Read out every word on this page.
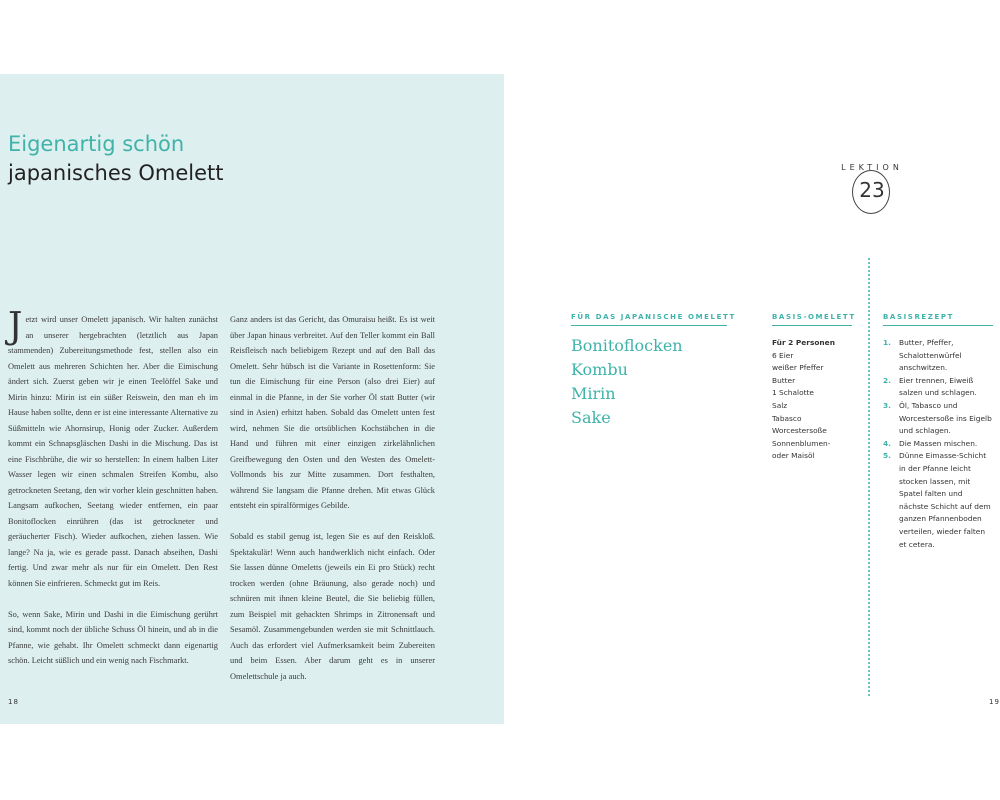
Eigenartig schön
japanisches Omelett

Jetzt wird unser Omelett japanisch. Wir halten zunächst an unserer hergebrachten (letztlich aus Japan stammenden) Zubereitungsmethode fest, stellen also ein Omelett aus mehreren Schichten her. Aber die Eimischung ändert sich. Zuerst geben wir je einen Teelöffel Sake und Mirin hinzu: Mirin ist ein süßer Reiswein, den man eh im Hause haben sollte, denn er ist eine interessante Alternative zu Süßmitteln wie Ahornsirup, Honig oder Zucker. Außerdem kommt ein Schnapsgläschen Dashi in die Mischung. Das ist eine Fischbrühe, die wir so herstellen: In einem halben Liter Wasser legen wir einen schmalen Streifen Kombu, also getrockneten Seetang, den wir vorher klein geschnitten haben. Langsam aufkochen, Seetang wieder entfernen, ein paar Bonitoflocken einrühren (das ist getrockneter und geräucherter Fisch). Wieder aufkochen, ziehen lassen. Wie lange? Na ja, wie es gerade passt. Danach abseihen, Dashi fertig. Und zwar mehr als nur für ein Omelett. Den Rest können Sie einfrieren. Schmeckt gut im Reis.

So, wenn Sake, Mirin und Dashi in die Eimischung gerührt sind, kommt noch der übliche Schuss Öl hinein, und ab in die Pfanne, wie gehabt. Ihr Omelett schmeckt dann eigenartig schön. Leicht süßlich und ein wenig nach Fischmarkt.

Ganz anders ist das Gericht, das Omuraisu heißt. Es ist weit über Japan hinaus verbreitet. Auf den Teller kommt ein Ball Reisfleisch nach beliebigem Rezept und auf den Ball das Omelett. Sehr hübsch ist die Variante in Rosettenform: Sie tun die Eimischung für eine Person (also drei Eier) auf einmal in die Pfanne, in der Sie vorher Öl statt Butter (wir sind in Asien) erhitzt haben. Sobald das Omelett unten fest wird, nehmen Sie die ortsüblichen Kochstäbchen in die Hand und führen mit einer einzigen zirkelähnlichen Greifbewegung den Osten und den Westen des Omelett-Vollmonds bis zur Mitte zusammen. Dort festhalten, während Sie langsam die Pfanne drehen. Mit etwas Glück entsteht ein spiralförmiges Gebilde.

Sobald es stabil genug ist, legen Sie es auf den Reiskloß. Spektakulär! Wenn auch handwerklich nicht einfach. Oder Sie lassen dünne Omeletts (jeweils ein Ei pro Stück) recht trocken werden (ohne Bräunung, also gerade noch) und schnüren mit ihnen kleine Beutel, die Sie beliebig füllen, zum Beispiel mit gehackten Shrimps in Zitronensaft und Sesamöl. Zusammengebunden werden sie mit Schnittlauch. Auch das erfordert viel Aufmerksamkeit beim Zubereiten und beim Essen. Aber darum geht es in unserer Omelettschule ja auch.

18
LEKTION
23
FÜR DAS JAPANISCHE OMELETT
Bonitoflocken
Kombu
Mirin
Sake
BASIS-OMELETT
Für 2 Personen
6 Eier
weißer Pfeffer
Butter
1 Schalotte
Salz
Tabasco
Worcestersoße
Sonnenblumen-
oder Maisöl
BASISREZEPT
1. Butter, Pfeffer, Schalottenwürfel anschwitzen.
2. Eier trennen, Eiweiß salzen und schlagen.
3. Öl, Tabasco und Worcestersoße ins Eigelb und schlagen.
4. Die Massen mischen.
5. Dünne Eimasse-Schicht in der Pfanne leicht stocken lassen, mit Spatel falten und nächste Schicht auf dem ganzen Pfannenboden verteilen, wieder falten et cetera.
19
